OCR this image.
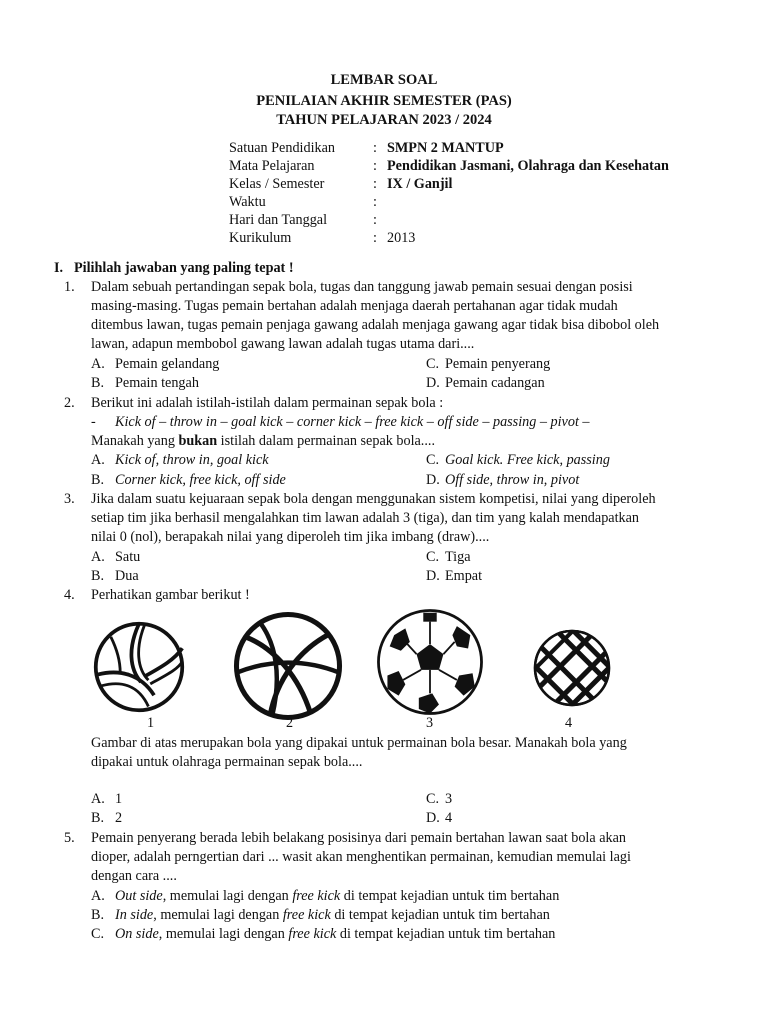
LEMBAR SOAL
PENILAIAN AKHIR SEMESTER (PAS)
TAHUN PELAJARAN 2023 / 2024
Satuan Pendidikan	: SMPN 2 MANTUP
Mata Pelajaran	: Pendidikan Jasmani, Olahraga dan Kesehatan
Kelas / Semester	: IX / Ganjil
Waktu	:
Hari dan Tanggal	:
Kurikulum	: 2013
I. Pilihlah jawaban yang paling tepat !
1. Dalam sebuah pertandingan sepak bola, tugas dan tanggung jawab pemain sesuai dengan posisi
masing-masing. Tugas pemain bertahan adalah menjaga daerah pertahanan agar tidak mudah
ditembus lawan, tugas pemain penjaga gawang adalah menjaga gawang agar tidak bisa dibobol oleh
lawan, adapun membobol gawang lawan adalah tugas utama dari....
A. Pemain gelandang	C. Pemain penyerang
B. Pemain tengah	D. Pemain cadangan
2. Berikut ini adalah istilah-istilah dalam permainan sepak bola :
- Kick of – throw in – goal kick – corner kick – free kick – off side – passing – pivot –
Manakah yang bukan istilah dalam permainan sepak bola....
A. Kick of, throw in, goal kick	C. Goal kick. Free kick, passing
B. Corner kick, free kick, off side	D. Off side, throw in, pivot
3. Jika dalam suatu kejuaraan sepak bola dengan menggunakan sistem kompetisi, nilai yang diperoleh
setiap tim jika berhasil mengalahkan tim lawan adalah 3 (tiga), dan tim yang kalah mendapatkan
nilai 0 (nol), berapakah nilai yang diperoleh tim jika imbang (draw)....
A. Satu	C. Tiga
B. Dua	D. Empat
4. Perhatikan gambar berikut !
1	2	3	4
Gambar di atas merupakan bola yang dipakai untuk permainan bola besar. Manakah bola yang
dipakai untuk olahraga permainan sepak bola....
A. 1	C. 3
B. 2	D. 4
5. Pemain penyerang berada lebih belakang posisinya dari pemain bertahan lawan saat bola akan
dioper, adalah perngertian dari ... wasit akan menghentikan permainan, kemudian memulai lagi
dengan cara ....
A. Out side, memulai lagi dengan free kick di tempat kejadian untuk tim bertahan
B. In side, memulai lagi dengan free kick di tempat kejadian untuk tim bertahan
C. On side, memulai lagi dengan free kick di tempat kejadian untuk tim bertahan
